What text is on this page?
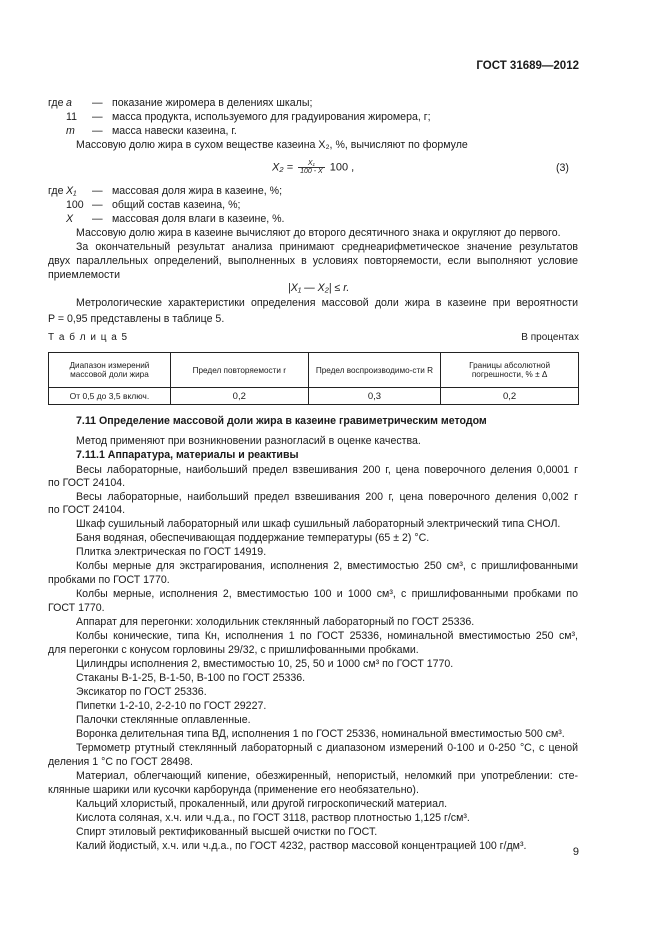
ГОСТ 31689—2012
где a — показание жиромера в делениях шкалы;
11 — масса продукта, используемого для градуирования жиромера, г;
m — масса навески казеина, г.
Массовую долю жира в сухом веществе казеина X₂, %, вычисляют по формуле
$X_2 = \frac{\text{X₁}}{100 - X} 100$ ,	(3)
где X₁ — массовая доля жира в казеине, %;
100 — общий состав казеина, %;
X — массовая доля влаги в казеине, %.
Массовую долю жира в казеине вычисляют до второго десятичного знака и округляют до первого.
За окончательный результат анализа принимают среднеарифметическое значение результатов
двух параллельных определений, выполненных в условиях повторяемости, если выполняют условие
приемлемости
|X₁ — X₂| ≤ r.
Метрологические характеристики определения массовой доли жира в казеине при вероятности
P = 0,95 представлены в таблице 5.
Т а б л и ц а 5	В процентах
Диапазон измерений массовой доли жира	Предел повторяемости r	Предел воспроизводимо-сти R	Границы абсолютной погрешности, % ± Δ
От 0,5 до 3,5 включ.	0,2	0,3	0,2
7.11 Определение массовой доли жира в казеине гравиметрическим методом
Метод применяют при возникновении разногласий в оценке качества.
7.11.1 Аппаратура, материалы и реактивы
Весы лабораторные, наибольший предел взвешивания 200 г, цена поверочного деления 0,0001 г
по ГОСТ 24104.
Весы лабораторные, наибольший предел взвешивания 200 г, цена поверочного деления 0,002 г
по ГОСТ 24104.
Шкаф сушильный лабораторный или шкаф сушильный лабораторный электрический типа СНОЛ.
Баня водяная, обеспечивающая поддержание температуры (65 ± 2) °С.
Плитка электрическая по ГОСТ 14919.
Колбы мерные для экстрагирования, исполнения 2, вместимостью 250 см³, с пришлифованными
пробками по ГОСТ 1770.
Колбы мерные, исполнения 2, вместимостью 100 и 1000 см³, с пришлифованными пробками по
ГОСТ 1770.
Аппарат для перегонки: холодильник стеклянный лабораторный по ГОСТ 25336.
Колбы конические, типа Кн, исполнения 1 по ГОСТ 25336, номинальной вместимостью 250 см³,
для перегонки с конусом горловины 29/32, с пришлифованными пробками.
Цилиндры исполнения 2, вместимостью 10, 25, 50 и 1000 см³ по ГОСТ 1770.
Стаканы В-1-25, В-1-50, В-100 по ГОСТ 25336.
Эксикатор по ГОСТ 25336.
Пипетки 1-2-10, 2-2-10 по ГОСТ 29227.
Палочки стеклянные оплавленные.
Воронка делительная типа ВД, исполнения 1 по ГОСТ 25336, номинальной вместимостью 500 см³.
Термометр ртутный стеклянный лабораторный с диапазоном измерений 0-100 и 0-250 °С, с ценой
деления 1 °С по ГОСТ 28498.
Материал, облегчающий кипение, обезжиренный, непористый, неломкий при употреблении: сте-
клянные шарики или кусочки карборунда (применение его необязательно).
Кальций хлористый, прокаленный, или другой гигроскопический материал.
Кислота соляная, х.ч. или ч.д.а., по ГОСТ 3118, раствор плотностью 1,125 г/см³.
Спирт этиловый ректификованный высшей очистки по ГОСТ.
Калий йодистый, х.ч. или ч.д.а., по ГОСТ 4232, раствор массовой концентрацией 100 г/дм³.	9
